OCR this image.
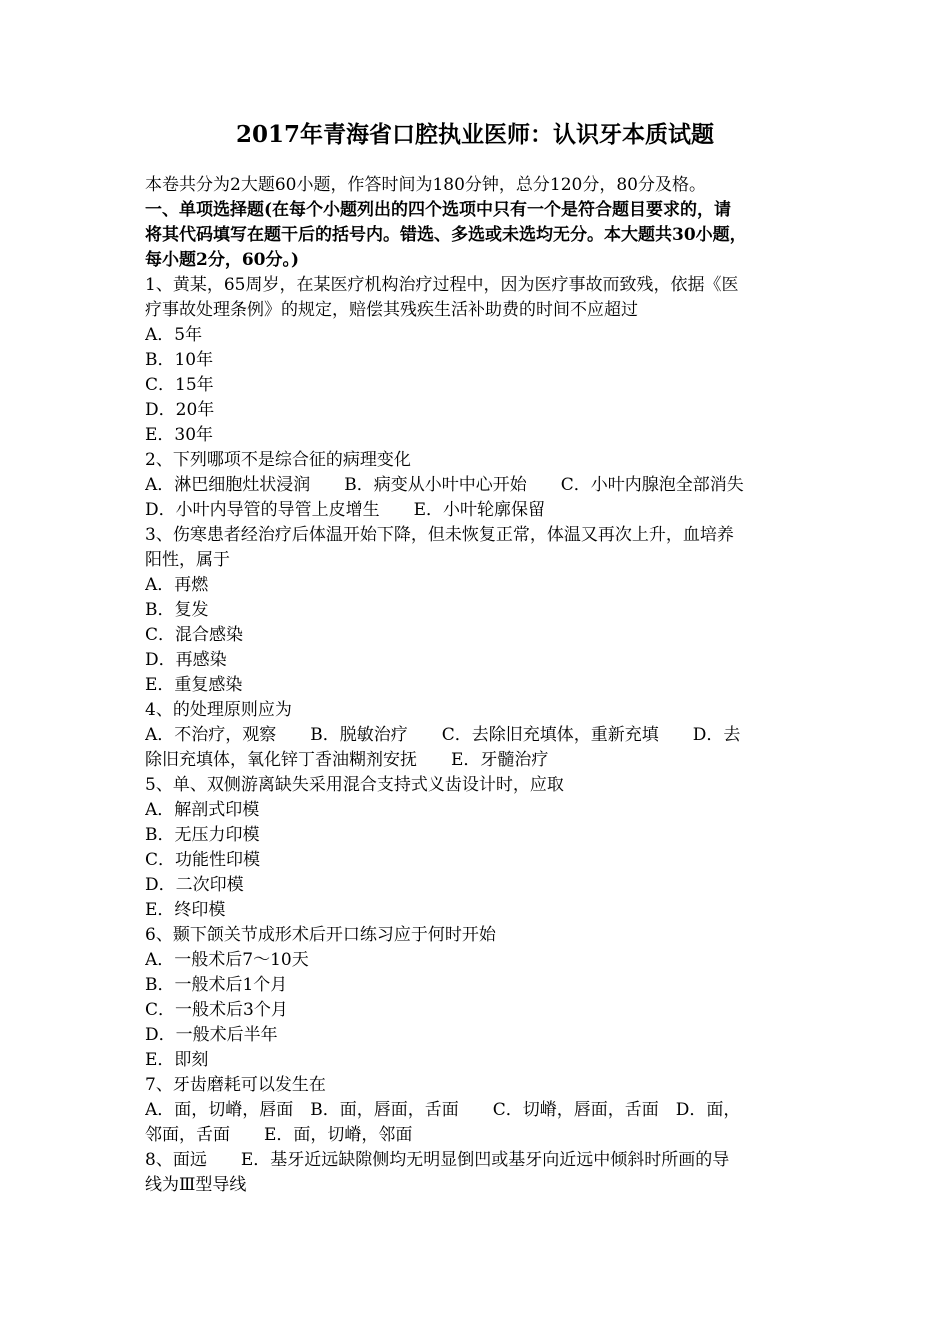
2017年青海省口腔执业医师：认识牙本质试题

本卷共分为2大题60小题，作答时间为180分钟，总分120分，80分及格。

一、单项选择题(在每个小题列出的四个选项中只有一个是符合题目要求的，请

将其代码填写在题干后的括号内。错选、多选或未选均无分。本大题共30小题，

每小题2分，60分。)

1、黄某，65周岁，在某医疗机构治疗过程中，因为医疗事故而致残，依据《医

疗事故处理条例》的规定，赔偿其残疾生活补助费的时间不应超过

A．5年

B．10年

C．15年

D．20年

E．30年

2、下列哪项不是综合征的病理变化

A．淋巴细胞灶状浸润　　B．病变从小叶中心开始　　C．小叶内腺泡全部消失

D．小叶内导管的导管上皮增生　　E．小叶轮廓保留

3、伤寒患者经治疗后体温开始下降，但未恢复正常，体温又再次上升，血培养

阳性，属于

A．再燃

B．复发

C．混合感染

D．再感染

E．重复感染

4、的处理原则应为

A．不治疗，观察　　B．脱敏治疗　　C．去除旧充填体，重新充填　　D．去

除旧充填体，氧化锌丁香油糊剂安抚　　E．牙髓治疗

5、单、双侧游离缺失采用混合支持式义齿设计时，应取

A．解剖式印模

B．无压力印模

C．功能性印模

D．二次印模

E．终印模

6、颞下颌关节成形术后开口练习应于何时开始

A．一般术后7～10天

B．一般术后1个月

C．一般术后3个月

D．一般术后半年

E．即刻

7、牙齿磨耗可以发生在

A．面，切嵴，唇面　B．面，唇面，舌面　　C．切嵴，唇面，舌面　D．面，

邻面，舌面　　E．面，切嵴，邻面

8、面远　　E．基牙近远缺隙侧均无明显倒凹或基牙向近远中倾斜时所画的导

线为Ⅲ型导线
